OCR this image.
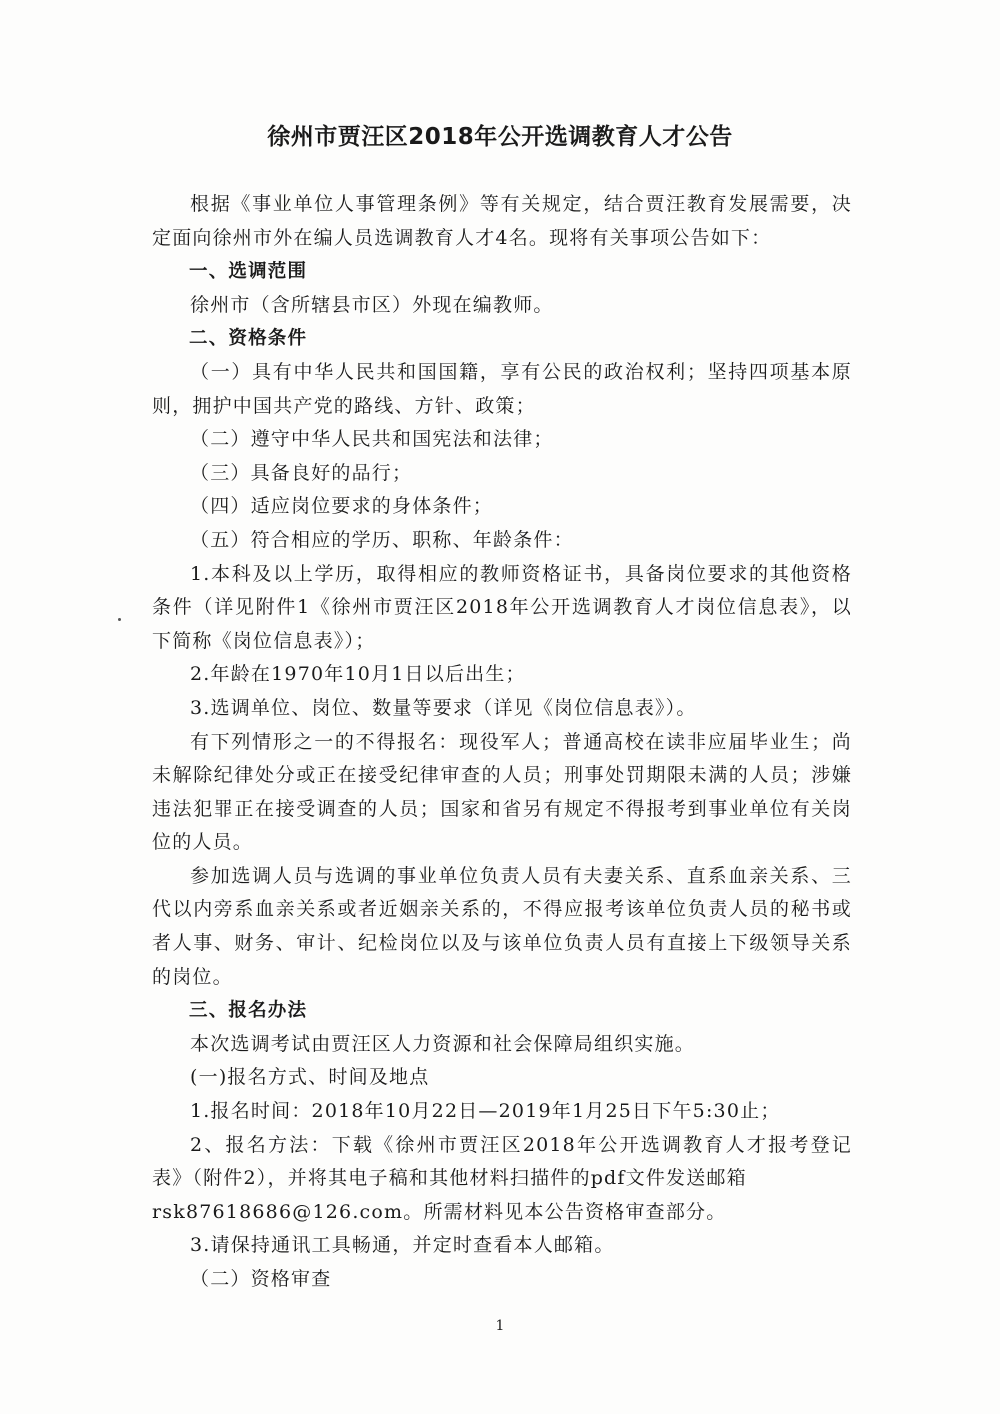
徐州市贾汪区2018年公开选调教育人才公告

根据《事业单位人事管理条例》等有关规定，结合贾汪教育发展需要，决定面向徐州市外在编人员选调教育人才4名。现将有关事项公告如下：

一、选调范围

徐州市（含所辖县市区）外现在编教师。

二、资格条件

（一）具有中华人民共和国国籍，享有公民的政治权利；坚持四项基本原则，拥护中国共产党的路线、方针、政策；

（二）遵守中华人民共和国宪法和法律；

（三）具备良好的品行；

（四）适应岗位要求的身体条件；

（五）符合相应的学历、职称、年龄条件：

1.本科及以上学历，取得相应的教师资格证书，具备岗位要求的其他资格条件（详见附件1《徐州市贾汪区2018年公开选调教育人才岗位信息表》，以下简称《岗位信息表》）；

2.年龄在1970年10月1日以后出生；

3.选调单位、岗位、数量等要求（详见《岗位信息表》）。

有下列情形之一的不得报名：现役军人；普通高校在读非应届毕业生；尚未解除纪律处分或正在接受纪律审查的人员；刑事处罚期限未满的人员；涉嫌违法犯罪正在接受调查的人员；国家和省另有规定不得报考到事业单位有关岗位的人员。

参加选调人员与选调的事业单位负责人员有夫妻关系、直系血亲关系、三代以内旁系血亲关系或者近姻亲关系的，不得应报考该单位负责人员的秘书或者人事、财务、审计、纪检岗位以及与该单位负责人员有直接上下级领导关系的岗位。

三、报名办法

本次选调考试由贾汪区人力资源和社会保障局组织实施。

(一)报名方式、时间及地点

1.报名时间：2018年10月22日—2019年1月25日下午5:30止；

2、报名方法：下载《徐州市贾汪区2018年公开选调教育人才报考登记表》（附件2），并将其电子稿和其他材料扫描件的pdf文件发送邮箱

rsk87618686@126.com。所需材料见本公告资格审查部分。

3.请保持通讯工具畅通，并定时查看本人邮箱。

（二）资格审查

1
